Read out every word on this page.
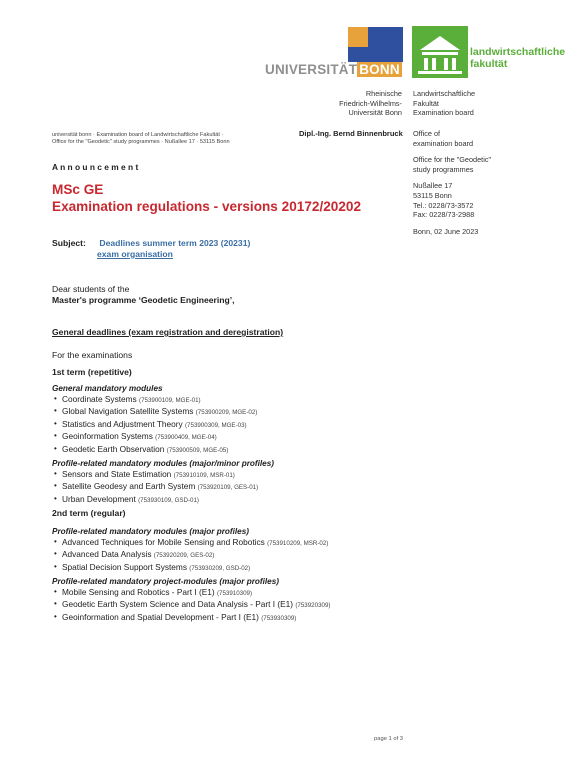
UNIVERSITÄT BONN
landwirtschaftliche
fakultät
Rheinische
Friedrich-Wilhelms-
Universität Bonn
Landwirtschaftliche
Fakultät
Examination board
universität bonn · Examination board of Landwirtschaftliche Fakultät ·
Office for the "Geodetic" study programmes · Nußallee 17 · 53115 Bonn
Dipl.-Ing. Bernd Binnenbruck Office of
examination board
Office for the "Geodetic"
study programmes
Nußallee 17
53115 Bonn
Tel.: 0228/73-3572
Fax: 0228/73-2988
Bonn, 02 June 2023
A n n o u n c e m e n t
MSc GE
Examination regulations - versions 20172/20202
Subject: Deadlines summer term 2023 (20231)
exam organisation
Dear students of the
Master's programme ‘Geodetic Engineering’,
General deadlines (exam registration and deregistration)
For the examinations
1st term (repetitive)
General mandatory modules
• Coordinate Systems (753900109, MGE-01)
• Global Navigation Satellite Systems (753900209, MGE-02)
• Statistics and Adjustment Theory (753900309, MGE-03)
• Geoinformation Systems (753900409, MGE-04)
• Geodetic Earth Observation (753900509, MGE-05)
Profile-related mandatory modules (major/minor profiles)
• Sensors and State Estimation (753910109, MSR-01)
• Satellite Geodesy and Earth System (753920109, GES-01)
• Urban Development (753930109, GSD-01)
2nd term (regular)
Profile-related mandatory modules (major profiles)
• Advanced Techniques for Mobile Sensing and Robotics (753910209, MSR-02)
• Advanced Data Analysis (753920209, GES-02)
• Spatial Decision Support Systems (753930209, GSD-02)
Profile-related mandatory project-modules (major profiles)
• Mobile Sensing and Robotics - Part I (E1) (753910309)
• Geodetic Earth System Science and Data Analysis - Part I (E1) (753920309)
• Geoinformation and Spatial Development - Part I (E1) (753930309)
page 1 of 3
